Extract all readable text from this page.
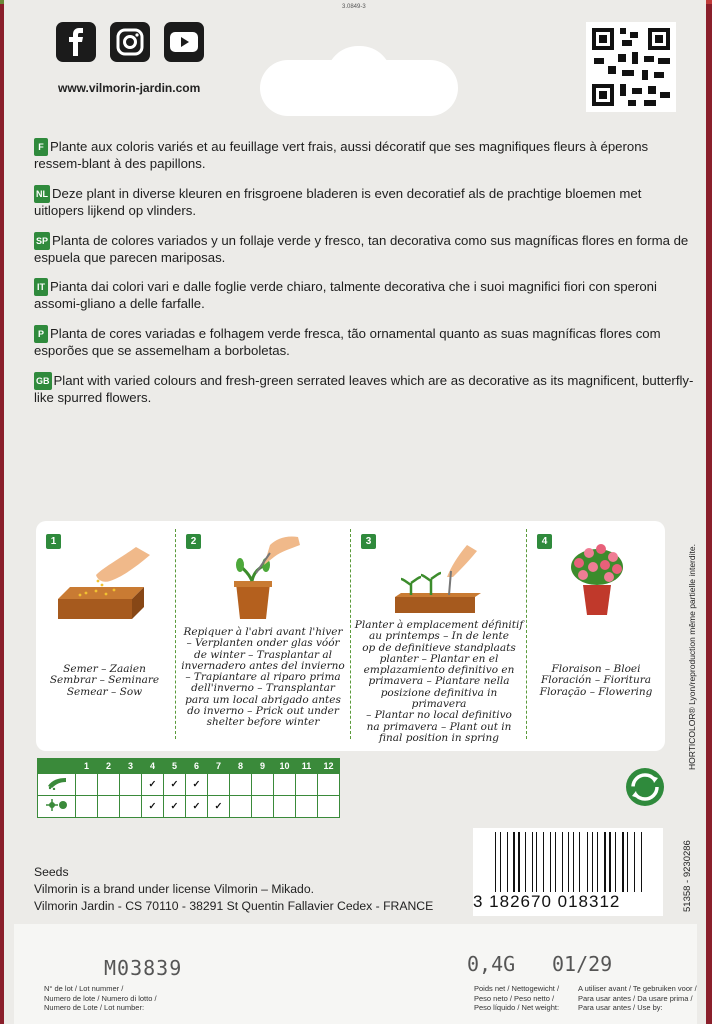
3.0849-3
www.vilmorin-jardin.com

F Plante aux coloris variés et au feuillage vert frais, aussi décoratif que ses magnifiques fleurs à éperons ressem-blant à des papillons.

NL Deze plant in diverse kleuren en frisgroene bladeren is even decoratief als de prachtige bloemen met uitlopers lijkend op vlinders.

SP Planta de colores variados y un follaje verde y fresco, tan decorativa como sus magníficas flores en forma de espuela que parecen mariposas.

IT Pianta dai colori vari e dalle foglie verde chiaro, talmente decorativa che i suoi magnifici fiori con speroni assomi-gliano a delle farfalle.

P Planta de cores variadas e folhagem verde fresca, tão ornamental quanto as suas magníficas flores com esporões que se assemelham a borboletas.

GB Plant with varied colours and fresh-green serrated leaves which are as decorative as its magnificent, butterfly-like spurred flowers.

1
Semer – Zaaien
Sembrar – Seminare
Semear – Sow
2
Repiquer à l'abri avant l'hiver
– Verplanten onder glas vóór
de winter – Trasplantar al
invernadero antes del invierno
– Trapiantare al riparo prima
dell'inverno – Transplantar
para um local abrigado antes
do inverno – Prick out under
shelter before winter
3
Planter à emplacement définitif
au printemps – In de lente
op de definitieve standplaats
planter – Plantar en el
emplazamiento definitivo en
primavera – Piantare nella
posizione definitiva in primavera
– Plantar no local definitivo
na primavera – Plant out in
final position in spring
4
Floraison – Bloei
Floración – Fioritura
Floração – Flowering	HORTICOLOR® Lyon/reproduction même partielle interdite.
51358 - 9230286
	1	2	3	4	5	6	7	8	9	10	11	12
				✓	✓	✓						
				✓	✓	✓	✓					
Seeds
Vilmorin is a brand under license Vilmorin – Mikado.
Vilmorin Jardin - CS 70110 - 38291 St Quentin Fallavier Cedex - FRANCE 3 182670 018312
M03839	0,4G 01/29
N° de lot / Lot nummer /
Numero de lote / Numero di lotto /
Numero de Lote / Lot number:
Poids net / Nettogewicht /
Peso neto / Peso netto /
Peso líquido / Net weight:
A utiliser avant / Te gebruiken voor /
Para usar antes / Da usare prima /
Para usar antes / Use by:
